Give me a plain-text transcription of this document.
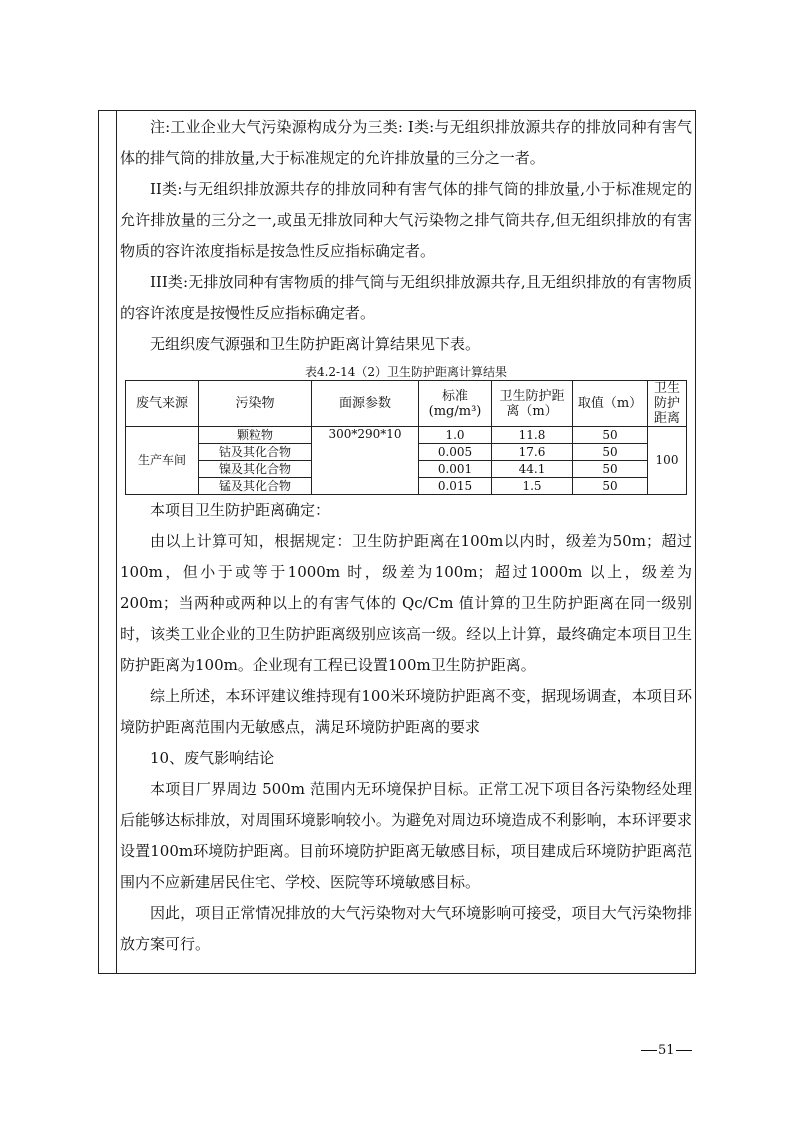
注:工业企业大气污染源构成分为三类: I类:与无组织排放源共存的排放同种有害气体的排气筒的排放量,大于标准规定的允许排放量的三分之一者。

II类:与无组织排放源共存的排放同种有害气体的排气筒的排放量,小于标准规定的允许排放量的三分之一,或虽无排放同种大气污染物之排气筒共存,但无组织排放的有害物质的容许浓度指标是按急性反应指标确定者。

III类:无排放同种有害物质的排气筒与无组织排放源共存,且无组织排放的有害物质的容许浓度是按慢性反应指标确定者。

无组织废气源强和卫生防护距离计算结果见下表。

表4.2-14（2）卫生防护距离计算结果
废气来源	污染物	面源参数	标准(mg/m³)	卫生防护距离（m）	取值（m）	卫生防护距离
生产车间	颗粒物	300*290*10	1.0	11.8	50	100
	钴及其化合物		0.005	17.6	50	
	镍及其化合物		0.001	44.1	50	
	锰及其化合物		0.015	1.5	50	

本项目卫生防护距离确定：

由以上计算可知，根据规定：卫生防护距离在100m以内时，级差为50m；超过100m，但小于或等于1000m 时，级差为100m；超过1000m 以上，级差为200m；当两种或两种以上的有害气体的 Qc/Cm 值计算的卫生防护距离在同一级别时，该类工业企业的卫生防护距离级别应该高一级。经以上计算，最终确定本项目卫生防护距离为100m。企业现有工程已设置100m卫生防护距离。

综上所述，本环评建议维持现有100米环境防护距离不变，据现场调查，本项目环境防护距离范围内无敏感点，满足环境防护距离的要求

10、废气影响结论

本项目厂界周边 500m 范围内无环境保护目标。正常工况下项目各污染物经处理后能够达标排放，对周围环境影响较小。为避免对周边环境造成不利影响，本环评要求设置100m环境防护距离。目前环境防护距离无敏感目标，项目建成后环境防护距离范围内不应新建居民住宅、学校、医院等环境敏感目标。

因此，项目正常情况排放的大气污染物对大气环境影响可接受，项目大气污染物排放方案可行。

51
